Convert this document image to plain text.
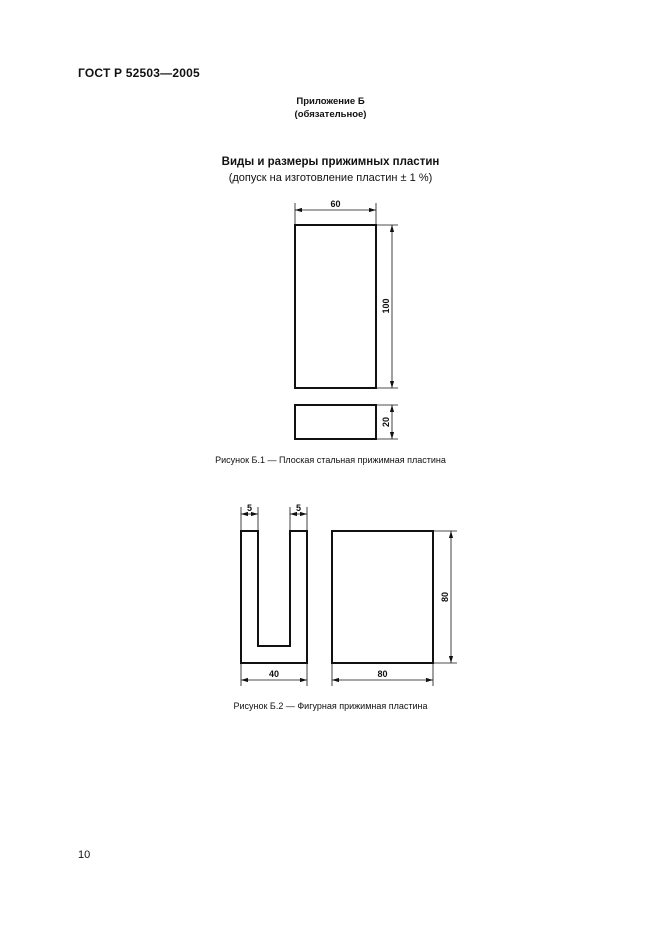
ГОСТ Р 52503—2005
Приложение Б
(обязательное)
Виды и размеры прижимных пластин
(допуск на изготовление пластин ± 1 %)
60
100
20
5	5
40	80
80
Рисунок Б.1 — Плоская стальная прижимная пластина
Рисунок Б.2 — Фигурная прижимная пластина
10
